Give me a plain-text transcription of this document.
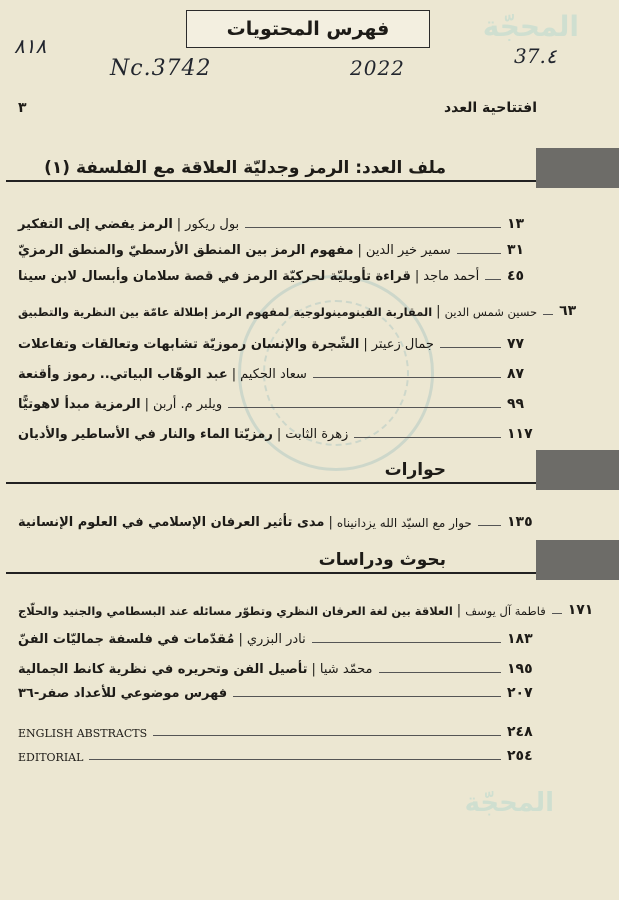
المحجّة
المحجّة
فهرس المحتويات
٨١٨
Nc.3742	2022	37.٤
افتتاحية العدد
٣
ملف العدد: الرمز وجدليّة العلاقة مع الفلسفة (١)
الرمز يفضي إلى التفكير | بول ريكور	١٣
مفهوم الرمز بين المنطق الأرسطيّ والمنطق الرمزيّ | سمير خير الدين	٣١
قراءة تأويليّة لحركيّة الرمز في قصة سلامان وأبسال لابن سينا | أحمد ماجد ٤٥
المقاربة الفينومينولوجية لمفهوم الرمز إطلالة عامّة بين النظرية والتطبيق | حسين شمس الدين ٦٣
الشّجرة والإنسان رموزيّة تشابهات وتعالقات وتفاعلات | جمال زعيتر	٧٧
عبد الوهّاب البياتي.. رموز وأقنعة | سعاد الحكيم	٨٧
الرمزية مبدأ لاهوتيًّا | ويلبر م. أربن	٩٩
رمزيّتا الماء والنار في الأساطير والأديان | زهرة الثابت	١١٧
حوارات
مدى تأثير العرفان الإسلامي في العلوم الإنسانية | حوار مع السيّد الله يزدانيناه	١٣٥
بحوث ودراسات
العلاقة بين لغة العرفان النظري وتطوّر مسائله عند البسطامي والجنيد والحلّاج | فاطمة آل يوسف ١٧١
مُقدّمات في فلسفة جماليّات الفنّ | نادر البزري	١٨٣
تأصيل الفن وتحريره في نظرية كانط الجمالية | محمّد شيا	١٩٥
فهرس موضوعي للأعداد صفر-٣٦	٢٠٧
ENGLISH ABSTRACTS	٢٤٨
EDITORIAL	٢٥٤
